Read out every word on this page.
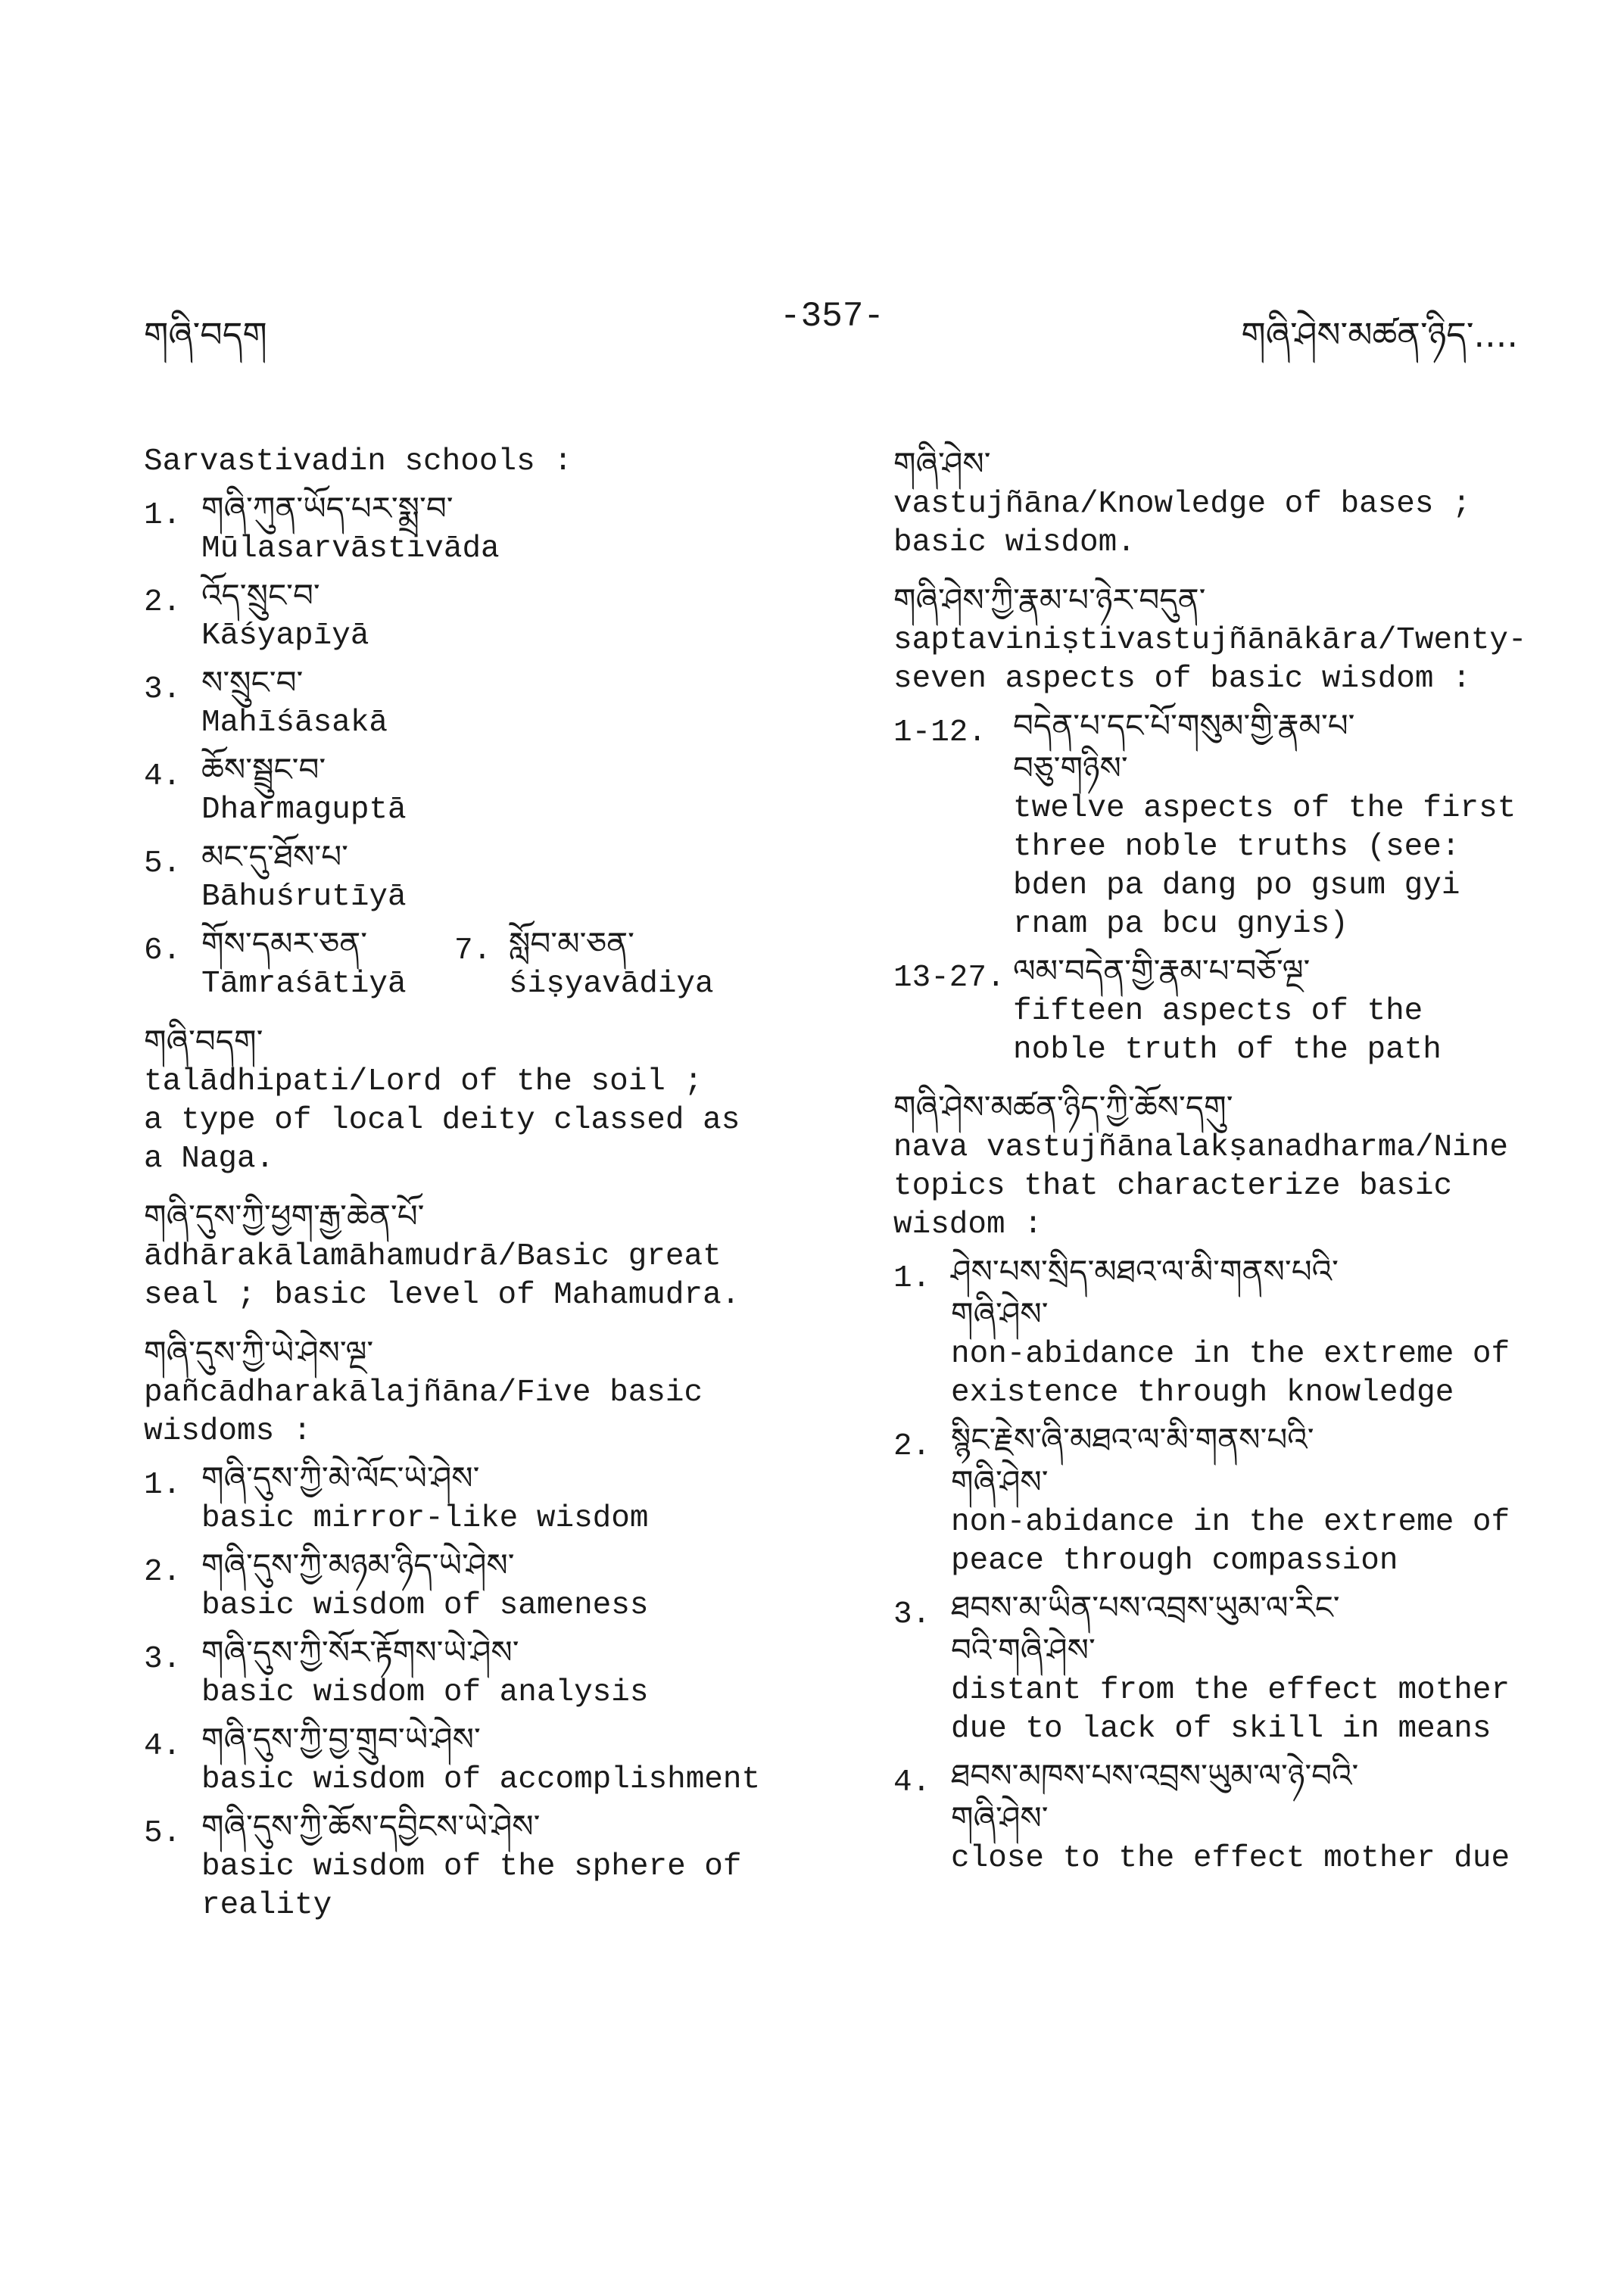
གཞི་བདག	-357-	གཞི་ཤེས་མཚན་ཉིད་....
Sarvastivadin schools :
1. གཞི་ཀུན་ཡོད་པར་སྨྲ་བ་
Mūlasarvāstivāda
2. འོད་སྲུང་བ་
Kāśyapīyā
3. ས་སྲུང་བ་
Mahīśāsakā
4. ཆོས་སྦྲུང་བ་
Dharmaguptā
5. མང་དུ་ཐོས་པ་
Bāhuśrutīyā
6. གོས་དམར་ཅན་
Tāmraśātiyā
7. སློབ་མ་ཅན་
śiṣyavādiya
གཞི་བདག་
talādhipati/Lord of the soil ;
a type of local deity classed as
a Naga.
གཞི་དུས་ཀྱི་ཕྱག་རྒྱ་ཆེན་པོ་
ādhārakālamāhamudrā/Basic great
seal ; basic level of Mahamudra.
གཞི་དུས་ཀྱི་ཡེ་ཤེས་ལྔ་
pañcādharakālajñāna/Five basic
wisdoms :
1. གཞི་དུས་ཀྱི་མེ་ལོང་ཡེ་ཤེས་
basic mirror-like wisdom
2. གཞི་དུས་ཀྱི་མཉམ་ཉིད་ཡེ་ཤེས་
basic wisdom of sameness
3. གཞི་དུས་ཀྱི་སོར་རྟོགས་ཡེ་ཤེས་
basic wisdom of analysis
4. གཞི་དུས་ཀྱི་བྱ་གྲུབ་ཡེ་ཤེས་
basic wisdom of accomplishment
5. གཞི་དུས་ཀྱི་ཆོས་དབྱིངས་ཡེ་ཤེས་
basic wisdom of the sphere of
reality
གཞི་ཤེས་
vastujñāna/Knowledge of bases ;
basic wisdom.
གཞི་ཤེས་ཀྱི་རྣམ་པ་ཉེར་བདུན་
saptaviniṣtivastujñānākāra/Twenty-
seven aspects of basic wisdom :
1-12. བདེན་པ་དང་པོ་གསུམ་གྱི་རྣམ་པ་
བཅུ་གཉིས་
twelve aspects of the first
three noble truths (see:
bden pa dang po gsum gyi
rnam pa bcu gnyis)
13-27. ལམ་བདེན་གྱི་རྣམ་པ་བཅོ་ལྔ་
fifteen aspects of the
noble truth of the path
གཞི་ཤེས་མཚན་ཉིད་ཀྱི་ཆོས་དགུ་
nava vastujñānalakṣanadharma/Nine
topics that characterize basic
wisdom :
1. ཤེས་པས་སྲིད་མཐའ་ལ་མི་གནས་པའི་
གཞི་ཤེས་
non-abidance in the extreme of
existence through knowledge
2. སྙིང་རྗེས་ཞི་མཐའ་ལ་མི་གནས་པའི་
གཞི་ཤེས་
non-abidance in the extreme of
peace through compassion
3. ཐབས་མ་ཡིན་པས་འབྲས་ཡུམ་ལ་རིང་
བའི་གཞི་ཤེས་
distant from the effect mother
due to lack of skill in means
4. ཐབས་མཁས་པས་འབྲས་ཡུམ་ལ་ཉེ་བའི་
གཞི་ཤེས་
close to the effect mother due
